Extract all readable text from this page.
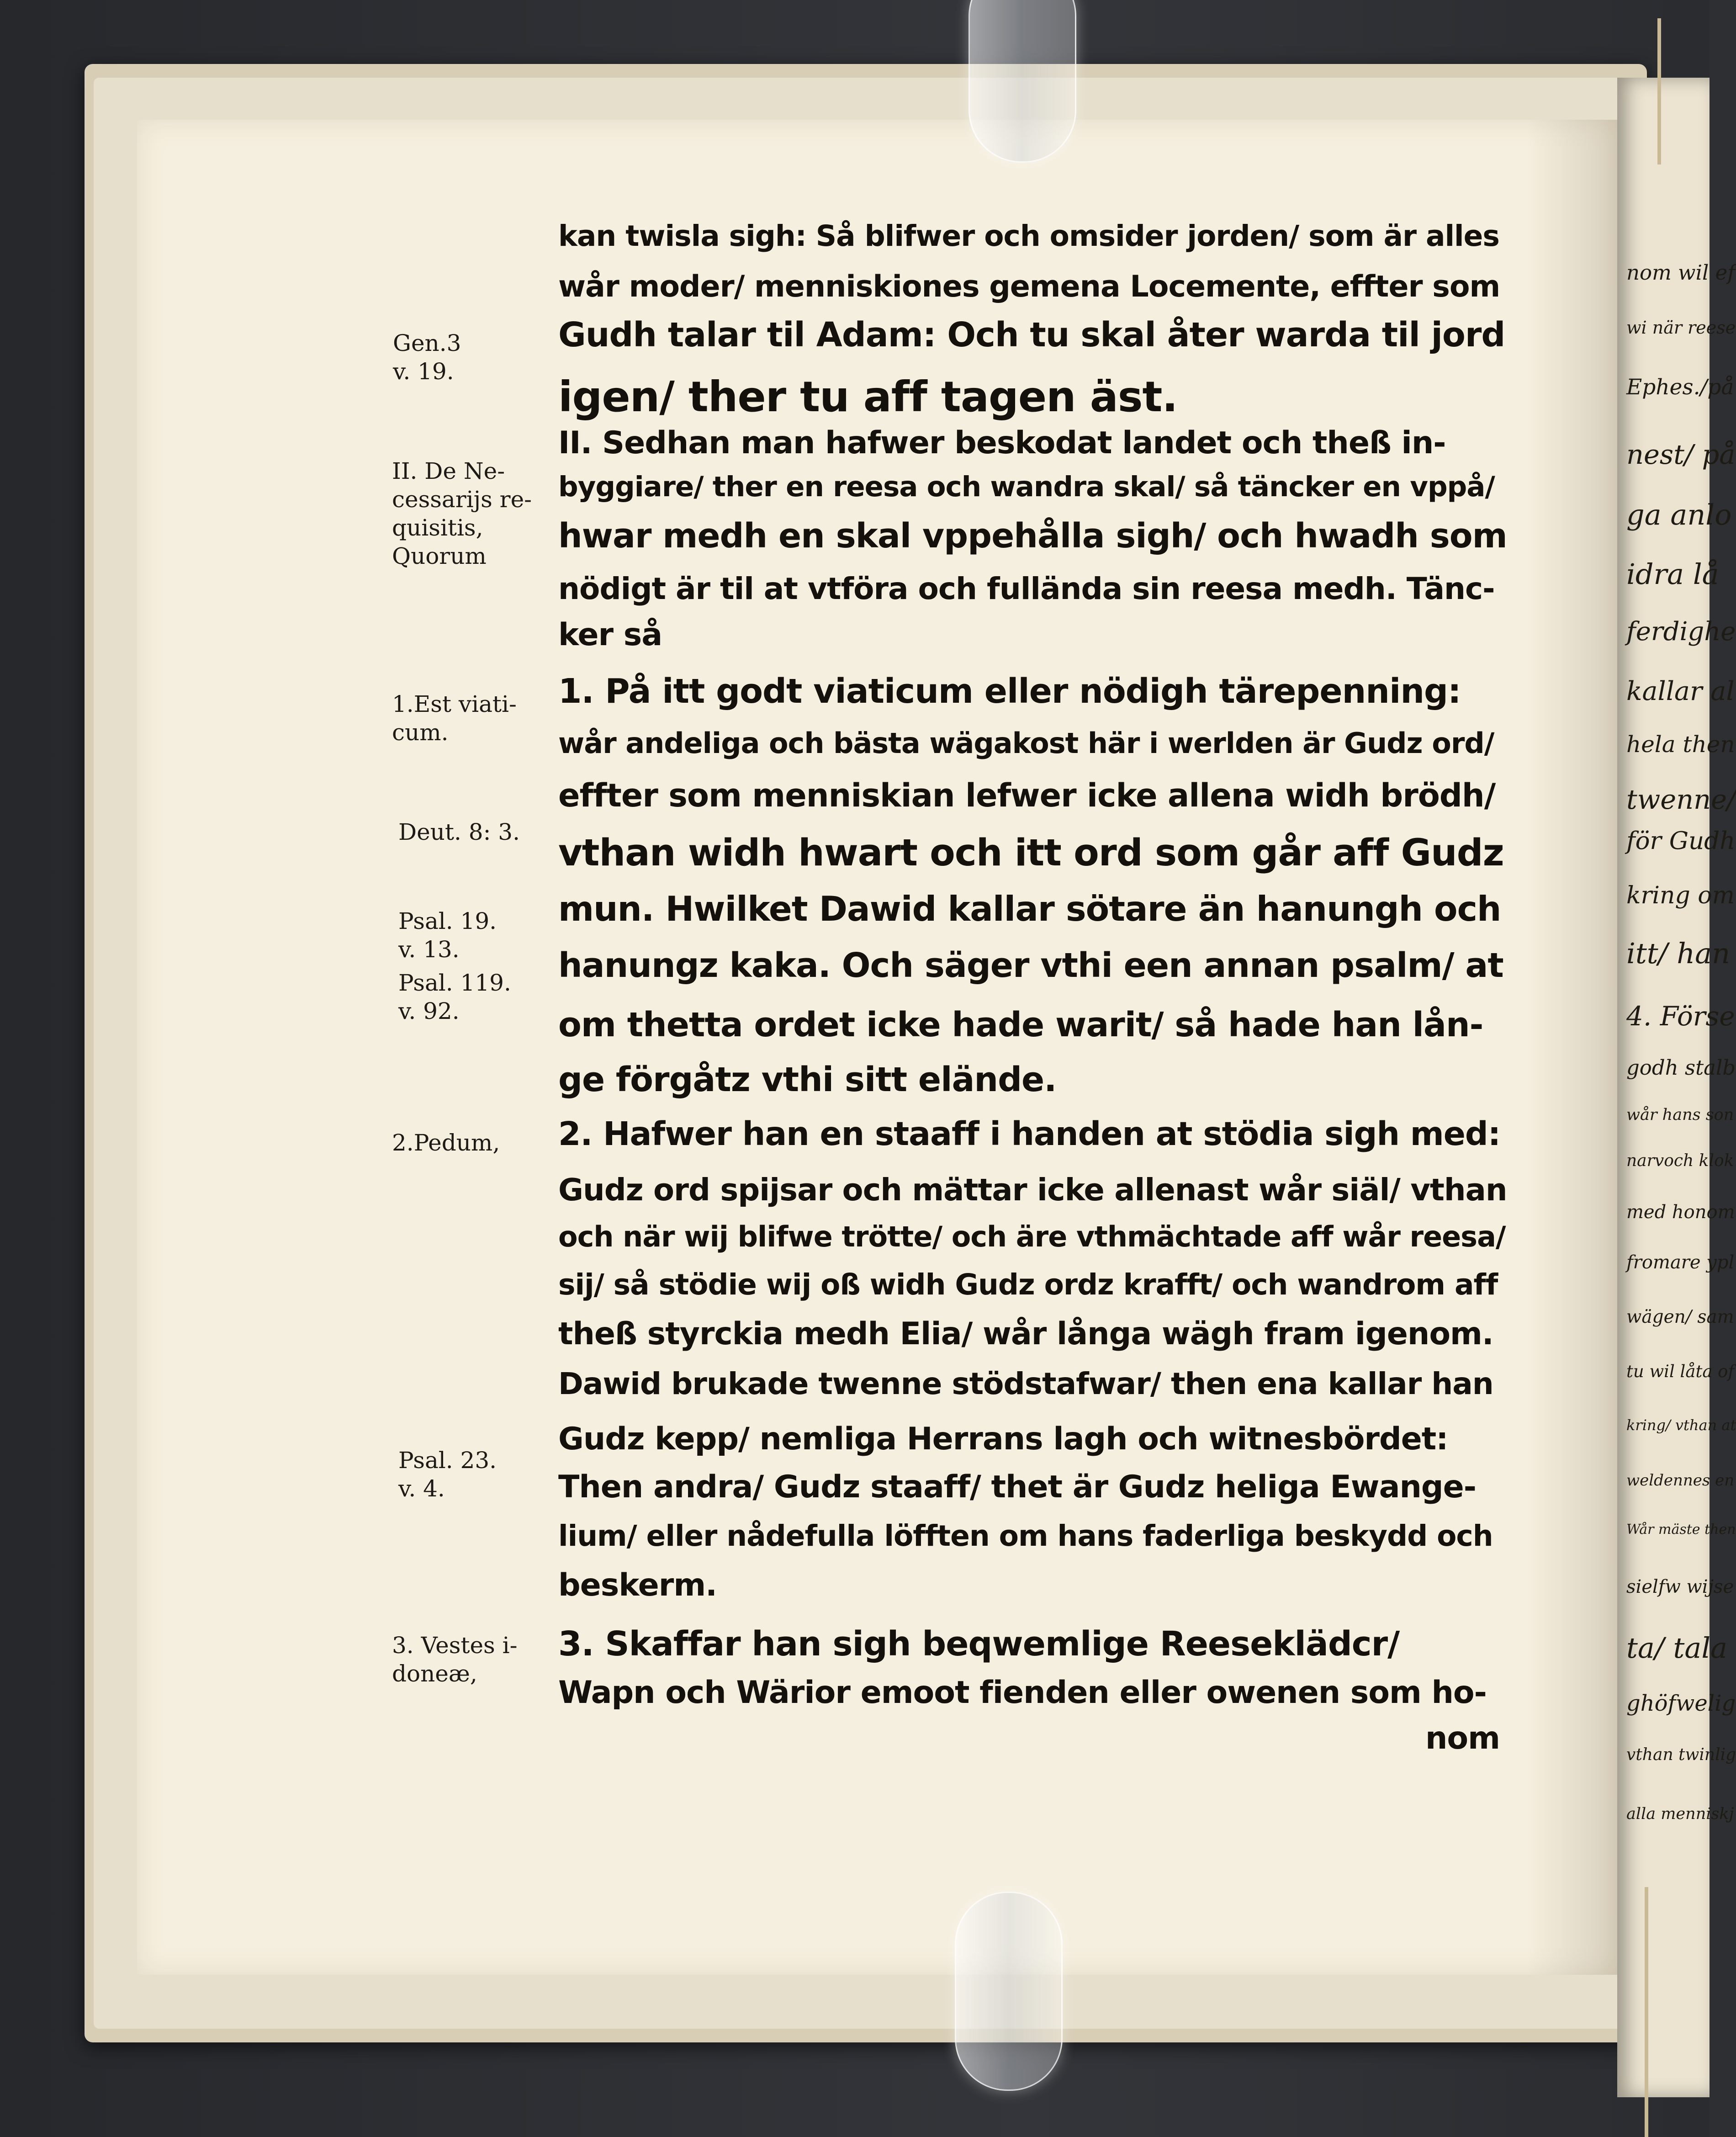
nom wil ef
wi när reese
Ephes./på
nest/ på
ga anlo
idra lå
ferdighe
kallar al
hela then
twenne/
för Gudh
kring om
itt/ han
4. Förse
godh stalb
wår hans son
narvoch klok
med honom
fromare ypl
wägen/ sam
tu wil låta of
kring/ vthan at
weldennes en
Wår mäste then
sielfw wijse
ta/ tala
ghöfwelig
vthan twinlig
alla menniskj
Gen.3
v. 19.
II. De Ne-
cessarijs re-
quisitis,
Quorum
1.Est viati-
cum.
Deut. 8: 3.
Psal. 19.
v. 13.
Psal. 119.
v. 92.
2.Pedum,
Psal. 23.
v. 4.
3. Vestes i-
doneæ,
kan twisla sigh: Så blifwer och omsider jorden/ som är alles
wår moder/ menniskiones gemena Locemente, effter som
Gudh talar til Adam: Och tu skal åter warda til jord
igen/ ther tu aff tagen äst.
II. Sedhan man hafwer beskodat landet och theß in-
byggiare/ ther en reesa och wandra skal/ så täncker en vppå/
hwar medh en skal vppehålla sigh/ och hwadh som
nödigt är til at vtföra och fullända sin reesa medh. Tänc-
ker så
1. På itt godt viaticum eller nödigh tärepenning:
wår andeliga och bästa wägakost här i werlden är Gudz ord/
effter som menniskian lefwer icke allena widh brödh/
vthan widh hwart och itt ord som går aff Gudz
mun. Hwilket Dawid kallar sötare än hanungh och
hanungz kaka. Och säger vthi een annan psalm/ at
om thetta ordet icke hade warit/ så hade han lån-
ge förgåtz vthi sitt elände.
2. Hafwer han en staaff i handen at stödia sigh med:
Gudz ord spijsar och mättar icke allenast wår siäl/ vthan
och när wij blifwe trötte/ och äre vthmächtade aff wår reesa/
sij/ så stödie wij oß widh Gudz ordz krafft/ och wandrom aff
theß styrckia medh Elia/ wår långa wägh fram igenom.
Dawid brukade twenne stödstafwar/ then ena kallar han
Gudz kepp/ nemliga Herrans lagh och witnesbördet:
Then andra/ Gudz staaff/ thet är Gudz heliga Ewange-
lium/ eller nådefulla löfften om hans faderliga beskydd och
beskerm.
3. Skaffar han sigh beqwemlige Reeseklädcr/
Wapn och Wärior emoot fienden eller owenen som ho-
nom
